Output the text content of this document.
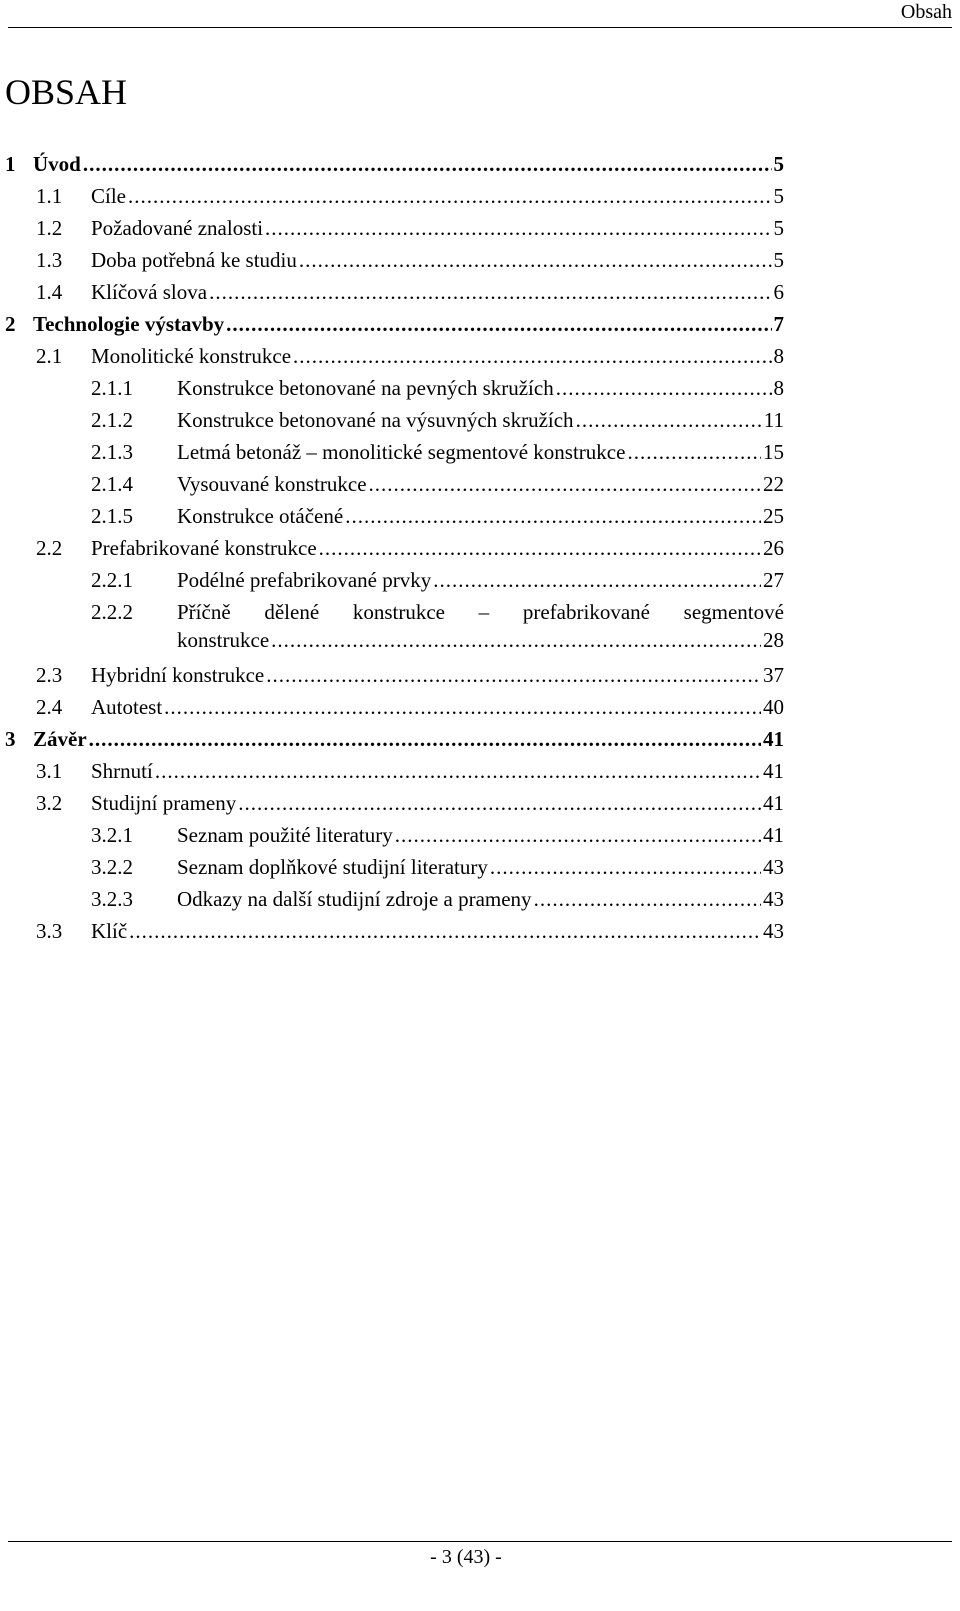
Obsah
OBSAH
1 Úvod .....	5
1.1 Cíle .....	5
1.2 Požadované znalosti .....	5
1.3 Doba potřebná ke studiu .....	5
1.4 Klíčová slova .....	6
2 Technologie výstavby .....	7
2.1 Monolitické konstrukce .....	8
2.1.1 Konstrukce betonované na pevných skružích .....	8
2.1.2 Konstrukce betonované na výsuvných skružích .....	11
2.1.3 Letmá betonáž – monolitické segmentové konstrukce .....	15
2.1.4 Vysouvané konstrukce .....	22
2.1.5 Konstrukce otáčené .....	25
2.2 Prefabrikované konstrukce .....	26
2.2.1 Podélné prefabrikované prvky .....	27
2.2.2 Příčně dělené konstrukce – prefabrikované segmentové
konstrukce .....	28
2.3 Hybridní konstrukce .....	37
2.4 Autotest .....	40
3 Závěr .....	41
3.1 Shrnutí .....	41
3.2 Studijní prameny .....	41
3.2.1 Seznam použité literatury .....	41
3.2.2 Seznam doplňkové studijní literatury .....	43
3.2.3 Odkazy na další studijní zdroje a prameny .....	43
3.3 Klíč .....	43
- 3 (43) -
